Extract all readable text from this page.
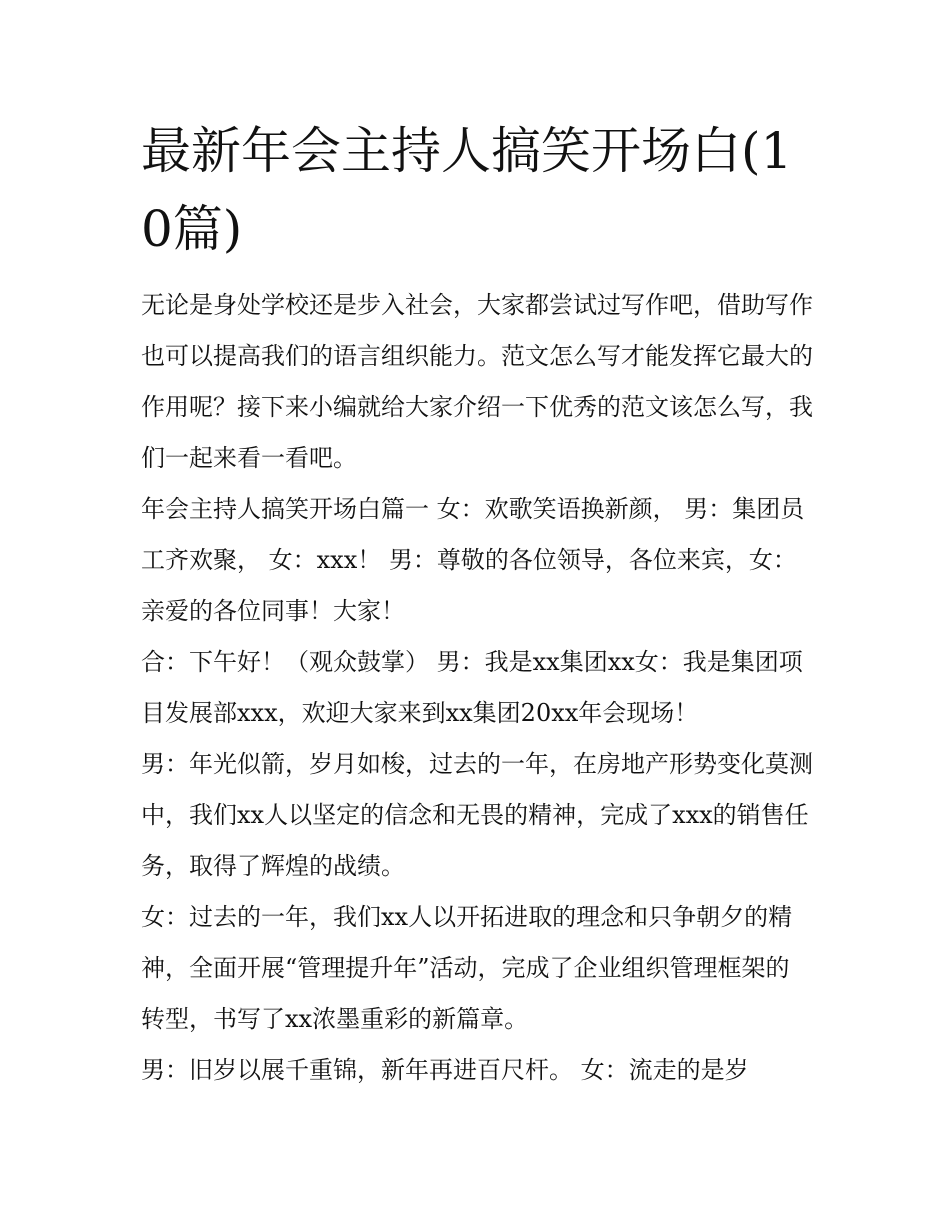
最新年会主持人搞笑开场白(10篇)

无论是身处学校还是步入社会，大家都尝试过写作吧，借助写作也可以提高我们的语言组织能力。范文怎么写才能发挥它最大的作用呢？接下来小编就给大家介绍一下优秀的范文该怎么写，我们一起来看一看吧。

年会主持人搞笑开场白篇一 女：欢歌笑语换新颜， 男：集团员工齐欢聚， 女：xxx！ 男：尊敬的各位领导，各位来宾，女：亲爱的各位同事！大家！

合：下午好！（观众鼓掌） 男：我是xx集团xx女：我是集团项目发展部xxx，欢迎大家来到xx集团20xx年会现场！

男：年光似箭，岁月如梭，过去的一年，在房地产形势变化莫测中，我们xx人以坚定的信念和无畏的精神，完成了xxx的销售任务，取得了辉煌的战绩。

女：过去的一年，我们xx人以开拓进取的理念和只争朝夕的精神，全面开展“管理提升年”活动，完成了企业组织管理框架的转型，书写了xx浓墨重彩的新篇章。

男：旧岁以展千重锦，新年再进百尺杆。 女：流走的是岁
